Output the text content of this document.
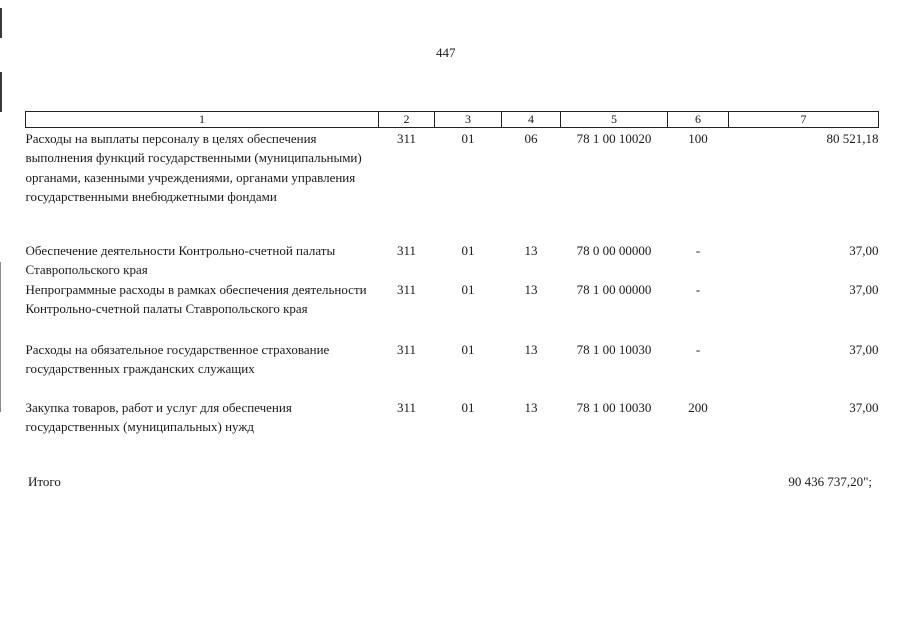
447
1	2	3	4	5	6	7
Расходы на выплаты персоналу в целях обеспечения выполнения функций государственными (муниципальными) органами, казенными учреждениями, органами управления государственными внебюджетными фондами	311	01	06	78 1 00 10020	100	80 521,18
Обеспечение деятельности Контрольно-счетной палаты Ставропольского края	311	01	13	78 0 00 00000	-	37,00
Непрограммные расходы в рамках обеспечения деятельности Контрольно-счетной палаты Ставропольского края	311	01	13	78 1 00 00000	-	37,00
Расходы на обязательное государственное страхование государственных гражданских служащих	311	01	13	78 1 00 10030	-	37,00
Закупка товаров, работ и услуг для обеспечения государственных (муниципальных) нужд	311	01	13	78 1 00 10030	200	37,00
Итого	90 436 737,20";
